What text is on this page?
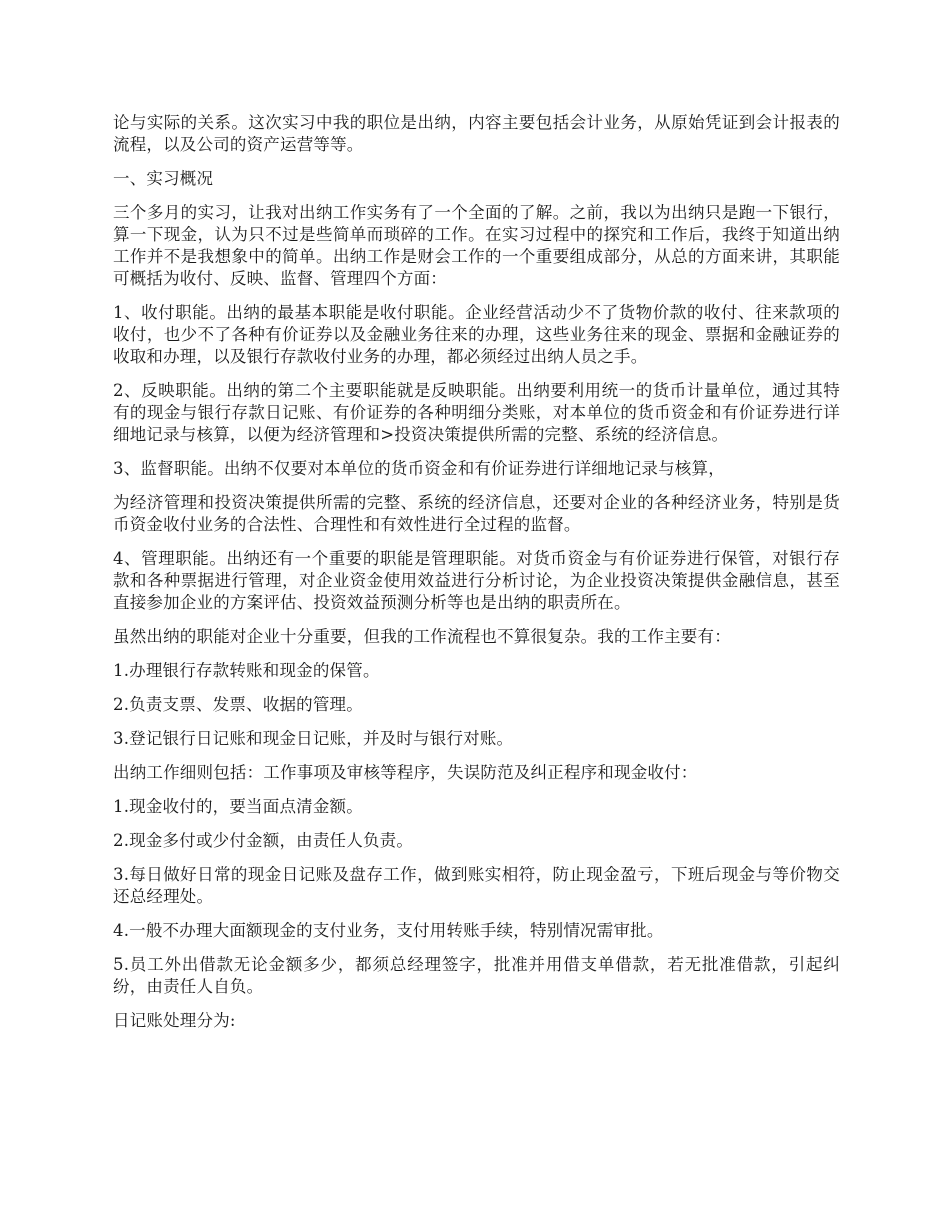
论与实际的关系。这次实习中我的职位是出纳，内容主要包括会计业务，从原始凭证到会计报表的流程，以及公司的资产运营等等。

一、实习概况

三个多月的实习，让我对出纳工作实务有了一个全面的了解。之前，我以为出纳只是跑一下银行，算一下现金，认为只不过是些简单而琐碎的工作。在实习过程中的探究和工作后，我终于知道出纳工作并不是我想象中的简单。出纳工作是财会工作的一个重要组成部分，从总的方面来讲，其职能可概括为收付、反映、监督、管理四个方面：

1、收付职能。出纳的最基本职能是收付职能。企业经营活动少不了货物价款的收付、往来款项的收付，也少不了各种有价证券以及金融业务往来的办理，这些业务往来的现金、票据和金融证券的收取和办理，以及银行存款收付业务的办理，都必须经过出纳人员之手。

2、反映职能。出纳的第二个主要职能就是反映职能。出纳要利用统一的货币计量单位，通过其特有的现金与银行存款日记账、有价证券的各种明细分类账，对本单位的货币资金和有价证券进行详细地记录与核算，以便为经济管理和>投资决策提供所需的完整、系统的经济信息。

3、监督职能。出纳不仅要对本单位的货币资金和有价证券进行详细地记录与核算，

为经济管理和投资决策提供所需的完整、系统的经济信息，还要对企业的各种经济业务，特别是货币资金收付业务的合法性、合理性和有效性进行全过程的监督。

4、管理职能。出纳还有一个重要的职能是管理职能。对货币资金与有价证券进行保管，对银行存款和各种票据进行管理，对企业资金使用效益进行分析讨论，为企业投资决策提供金融信息，甚至直接参加企业的方案评估、投资效益预测分析等也是出纳的职责所在。

虽然出纳的职能对企业十分重要，但我的工作流程也不算很复杂。我的工作主要有：

1.办理银行存款转账和现金的保管。

2.负责支票、发票、收据的管理。

3.登记银行日记账和现金日记账，并及时与银行对账。

出纳工作细则包括：工作事项及审核等程序，失误防范及纠正程序和现金收付：

1.现金收付的，要当面点清金额。

2.现金多付或少付金额，由责任人负责。

3.每日做好日常的现金日记账及盘存工作，做到账实相符，防止现金盈亏，下班后现金与等价物交还总经理处。

4.一般不办理大面额现金的支付业务，支付用转账手续，特别情况需审批。

5.员工外出借款无论金额多少，都须总经理签字，批准并用借支单借款，若无批准借款，引起纠纷，由责任人自负。

日记账处理分为:
